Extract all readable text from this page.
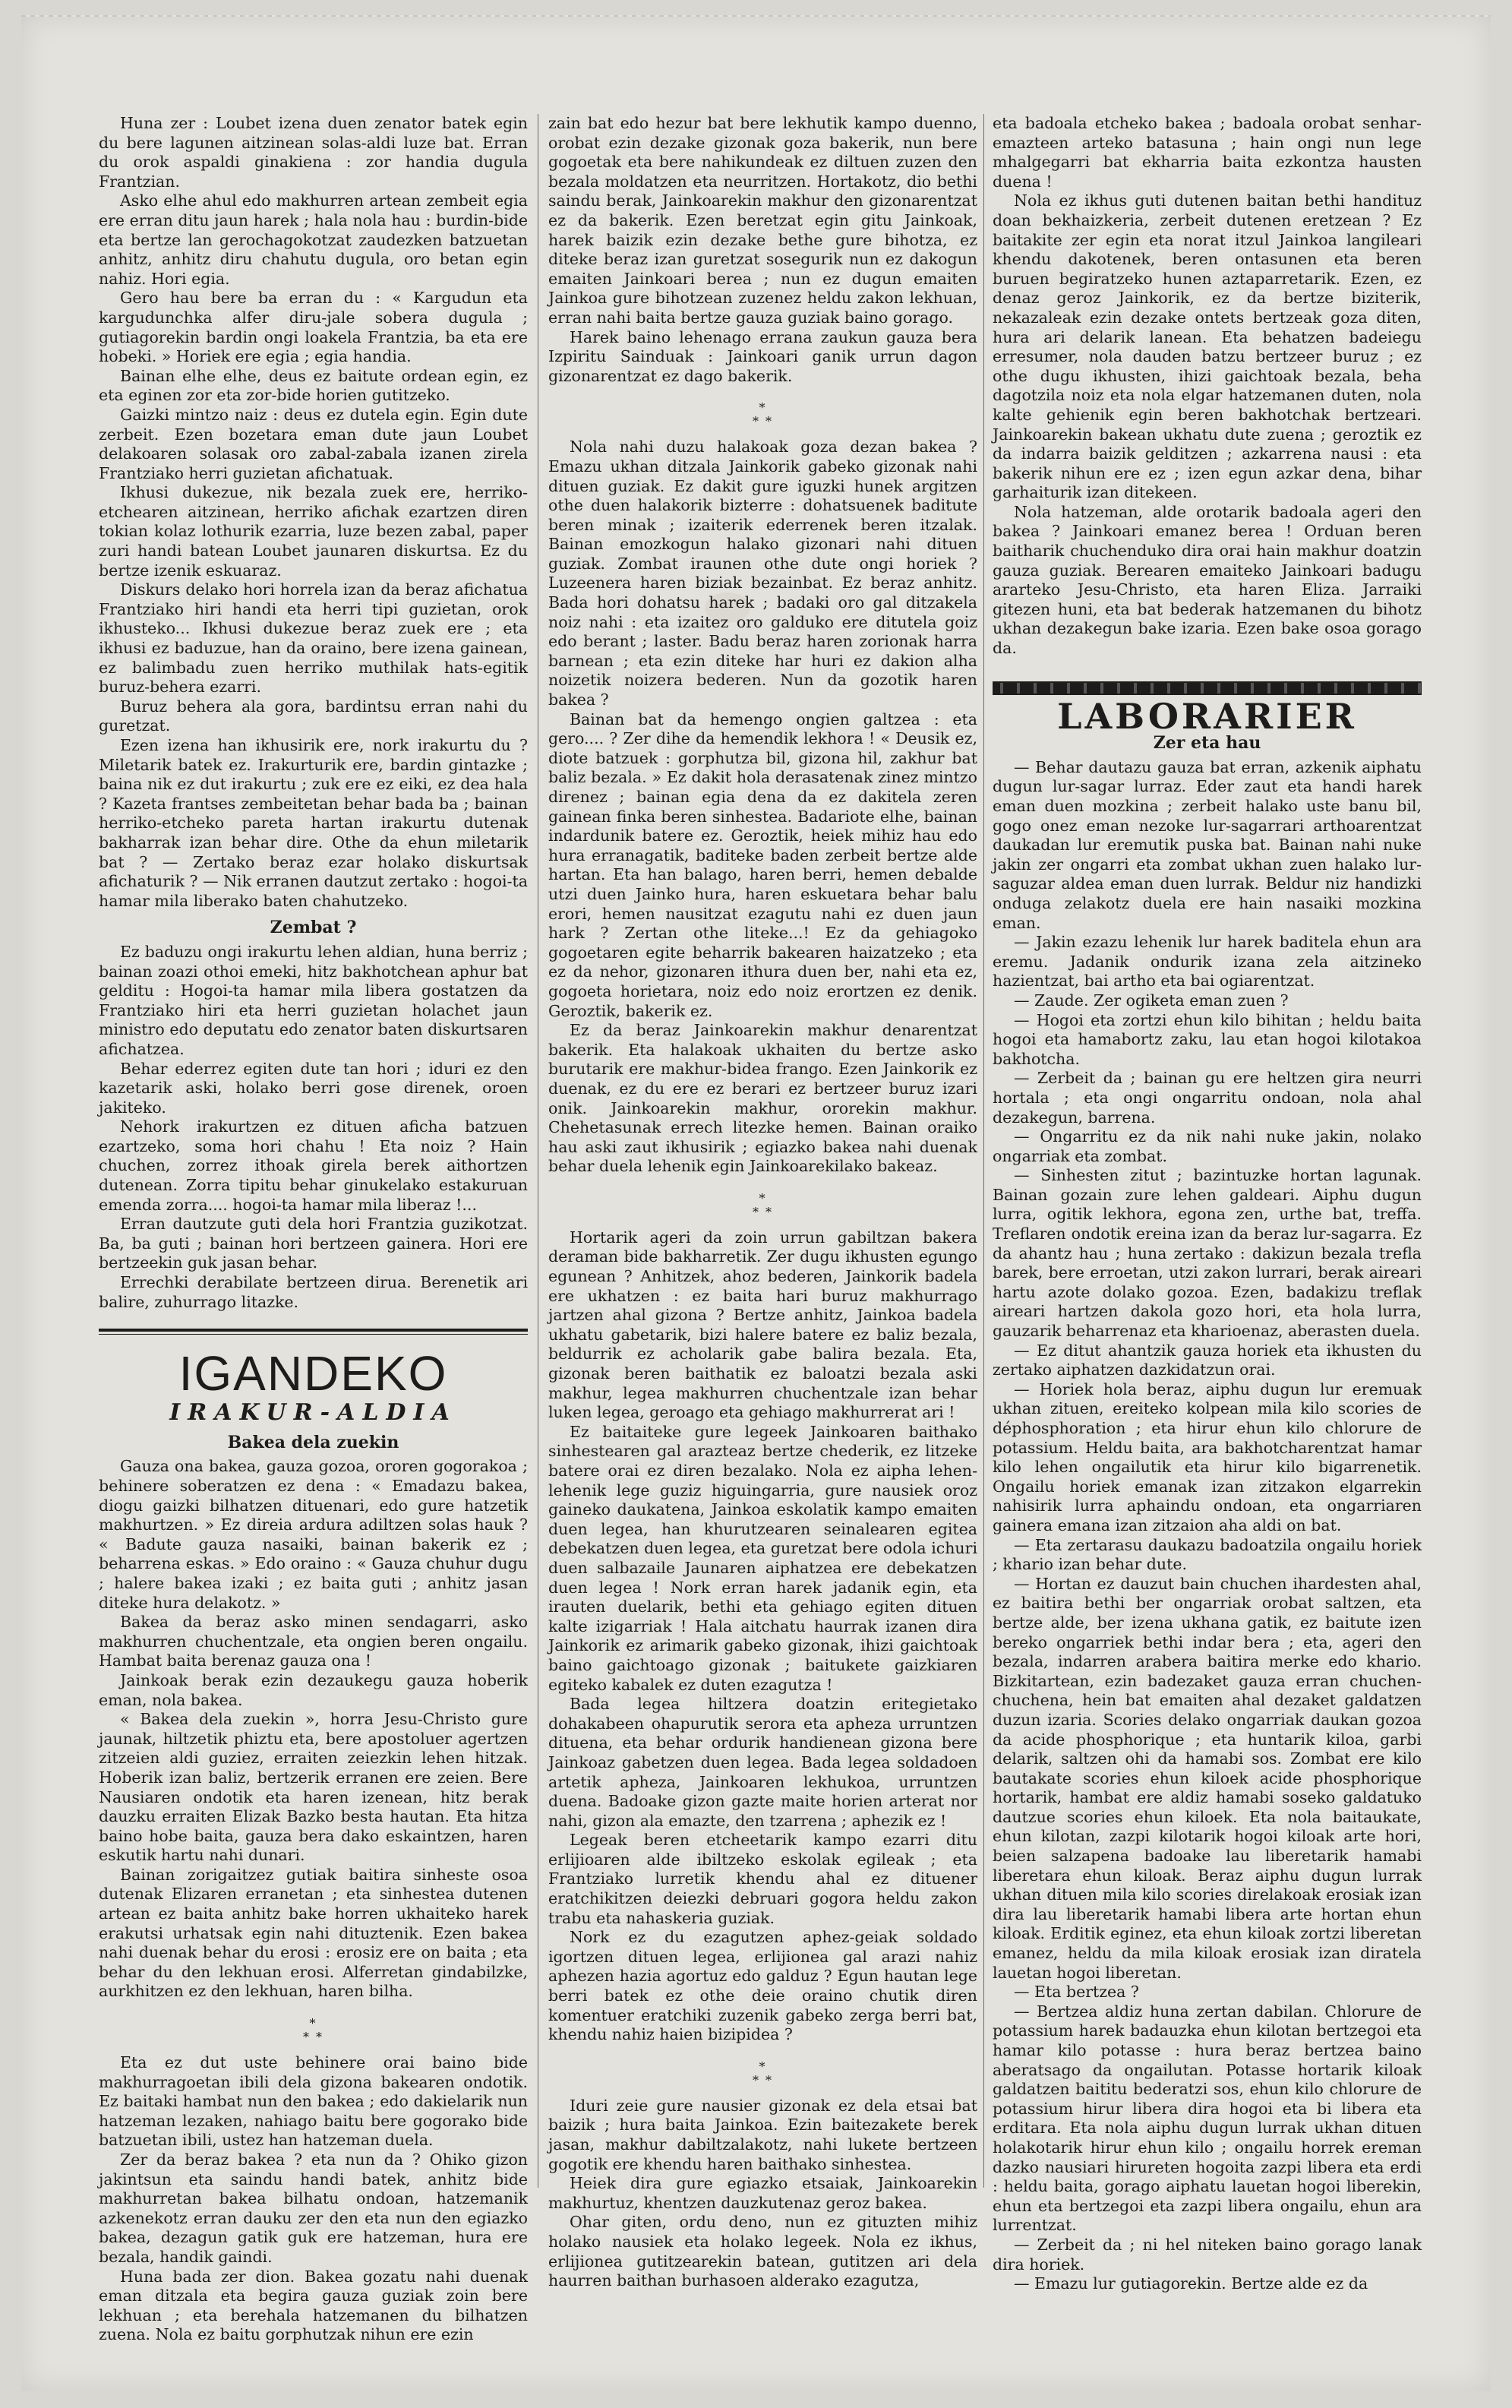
Huna zer : Loubet izena duen zenator batek egin du bere lagunen aitzinean solas-aldi luze bat. Erran du orok aspaldi ginakiena : zor handia dugula Frantzian.

Asko elhe ahul edo makhurren artean zembeit egia ere erran ditu jaun harek ; hala nola hau : burdin-bide eta bertze lan gerochagokotzat zaudezken batzuetan anhitz, anhitz diru chahutu dugula, oro betan egin nahiz. Hori egia.

Gero hau bere ba erran du : « Kargudun eta kargudunchka alfer diru-jale sobera dugula ; gutiagorekin bardin ongi loakela Frantzia, ba eta ere hobeki. » Horiek ere egia ; egia handia.

Bainan elhe elhe, deus ez baitute ordean egin, ez eta eginen zor eta zor-bide horien gutitzeko.

Gaizki mintzo naiz : deus ez dutela egin. Egin dute zerbeit. Ezen bozetara eman dute jaun Loubet delakoaren solasak oro zabal-zabala izanen zirela Frantziako herri guzietan afichatuak.

Ikhusi dukezue, nik bezala zuek ere, herriko-etchearen aitzinean, herriko afichak ezartzen diren tokian kolaz lothurik ezarria, luze bezen zabal, paper zuri handi batean Loubet jaunaren diskurtsa. Ez du bertze izenik eskuaraz.

Diskurs delako hori horrela izan da beraz afichatua Frantziako hiri handi eta herri tipi guzietan, orok ikhusteko... Ikhusi dukezue beraz zuek ere ; eta ikhusi ez baduzue, han da oraino, bere izena gainean, ez balimbadu zuen herriko muthilak hats-egitik buruz-behera ezarri.

Buruz behera ala gora, bardintsu erran nahi du guretzat.

Ezen izena han ikhusirik ere, nork irakurtu du ? Miletarik batek ez. Irakurturik ere, bardin gintazke ; baina nik ez dut irakurtu ; zuk ere ez eiki, ez dea hala ? Kazeta frantses zembeitetan behar bada ba ; bainan herriko-etcheko pareta hartan irakurtu dutenak bakharrak izan behar dire. Othe da ehun miletarik bat ? — Zertako beraz ezar holako diskurtsak afichaturik ? — Nik erranen dautzut zertako : hogoi-ta hamar mila liberako baten chahutzeko.

Zembat ?

Ez baduzu ongi irakurtu lehen aldian, huna berriz ; bainan zoazi othoi emeki, hitz bakhotchean aphur bat gelditu : Hogoi-ta hamar mila libera gostatzen da Frantziako hiri eta herri guzietan holachet jaun ministro edo deputatu edo zenator baten diskurtsaren afichatzea.

Behar ederrez egiten dute tan hori ; iduri ez den kazetarik aski, holako berri gose direnek, oroen jakiteko.

Nehork irakurtzen ez dituen aficha batzuen ezartzeko, soma hori chahu ! Eta noiz ? Hain chuchen, zorrez ithoak girela berek aithortzen dutenean. Zorra tipitu behar ginukelako estakuruan emenda zorra.... hogoi-ta hamar mila liberaz !...

Erran dautzute guti dela hori Frantzia guzikotzat. Ba, ba guti ; bainan hori bertzeen gainera. Hori ere bertzeekin guk jasan behar.

Errechki derabilate bertzeen dirua. Berenetik ari balire, zuhurrago litazke.

IGANDEKO
IRAKUR-ALDIA
Bakea dela zuekin

Gauza ona bakea, gauza gozoa, ororen gogorakoa ; behinere soberatzen ez dena : « Emadazu bakea, diogu gaizki bilhatzen dituenari, edo gure hatzetik makhurtzen. » Ez direia ardura adiltzen solas hauk ? « Badute gauza nasaiki, bainan bakerik ez ; beharrena eskas. » Edo oraino : « Gauza chuhur dugu ; halere bakea izaki ; ez baita guti ; anhitz jasan diteke hura delakotz. »

Bakea da beraz asko minen sendagarri, asko makhurren chuchentzale, eta ongien beren ongailu. Hambat baita berenaz gauza ona !

Jainkoak berak ezin dezaukegu gauza hoberik eman, nola bakea.

« Bakea dela zuekin », horra Jesu-Christo gure jaunak, hiltzetik phiztu eta, bere apostoluer agertzen zitzeien aldi guziez, erraiten zeiezkin lehen hitzak. Hoberik izan baliz, bertzerik erranen ere zeien. Bere Nausiaren ondotik eta haren izenean, hitz berak dauzku erraiten Elizak Bazko besta hautan. Eta hitza baino hobe baita, gauza bera dako eskaintzen, haren eskutik hartu nahi dunari.

Bainan zorigaitzez gutiak baitira sinheste osoa dutenak Elizaren erranetan ; eta sinhestea dutenen artean ez baita anhitz bake horren ukhaiteko harek erakutsi urhatsak egin nahi dituztenik. Ezen bakea nahi duenak behar du erosi : erosiz ere on baita ; eta behar du den lekhuan erosi. Alferretan gindabilzke, aurkhitzen ez den lekhuan, haren bilha.

*
* *

Eta ez dut uste behinere orai baino bide makhurragoetan ibili dela gizona bakearen ondotik. Ez baitaki hambat nun den bakea ; edo dakielarik nun hatzeman lezaken, nahiago baitu bere gogorako bide batzuetan ibili, ustez han hatzeman duela.

Zer da beraz bakea ? eta nun da ? Ohiko gizon jakintsun eta saindu handi batek, anhitz bide makhurretan bakea bilhatu ondoan, hatzemanik azkenekotz erran dauku zer den eta nun den egiazko bakea, dezagun gatik guk ere hatzeman, hura ere bezala, handik gaindi.

Huna bada zer dion. Bakea gozatu nahi duenak eman ditzala eta begira gauza guziak zoin bere lekhuan ; eta berehala hatzemanen du bilhatzen zuena. Nola ez baitu gorphutzak nihun ere ezin

zain bat edo hezur bat bere lekhutik kampo duenno, orobat ezin dezake gizonak goza bakerik, nun bere gogoetak eta bere nahikundeak ez diltuen zuzen den bezala moldatzen eta neurritzen. Hortakotz, dio bethi saindu berak, Jainkoarekin makhur den gizonarentzat ez da bakerik. Ezen beretzat egin gitu Jainkoak, harek baizik ezin dezake bethe gure bihotza, ez diteke beraz izan guretzat sosegurik nun ez dakogun emaiten Jainkoari berea ; nun ez dugun emaiten Jainkoa gure bihotzean zuzenez heldu zakon lekhuan, erran nahi baita bertze gauza guziak baino gorago.

Harek baino lehenago errana zaukun gauza bera Izpiritu Sainduak : Jainkoari ganik urrun dagon gizonarentzat ez dago bakerik.

*
* *

Nola nahi duzu halakoak goza dezan bakea ? Emazu ukhan ditzala Jainkorik gabeko gizonak nahi dituen guziak. Ez dakit gure iguzki hunek argitzen othe duen halakorik bizterre : dohatsuenek baditute beren minak ; izaiterik ederrenek beren itzalak. Bainan emozkogun halako gizonari nahi dituen guziak. Zombat iraunen othe dute ongi horiek ? Luzeenera haren biziak bezainbat. Ez beraz anhitz. Bada hori dohatsu harek ; badaki oro gal ditzakela noiz nahi : eta izaitez oro galduko ere ditutela goiz edo berant ; laster. Badu beraz haren zorionak harra barnean ; eta ezin diteke har huri ez dakion alha noizetik noizera bederen. Nun da gozotik haren bakea ?

Bainan bat da hemengo ongien galtzea : eta gero.... ? Zer dihe da hemendik lekhora ! « Deusik ez, diote batzuek : gorphutza bil, gizona hil, zakhur bat baliz bezala. » Ez dakit hola derasatenak zinez mintzo direnez ; bainan egia dena da ez dakitela zeren gainean finka beren sinhestea. Badariote elhe, bainan indardunik batere ez. Geroztik, heiek mihiz hau edo hura erranagatik, baditeke baden zerbeit bertze alde hartan. Eta han balago, haren berri, hemen debalde utzi duen Jainko hura, haren eskuetara behar balu erori, hemen nausitzat ezagutu nahi ez duen jaun hark ? Zertan othe liteke...! Ez da gehiagoko gogoetaren egite beharrik bakearen haizatzeko ; eta ez da nehor, gizonaren ithura duen ber, nahi eta ez, gogoeta horietara, noiz edo noiz erortzen ez denik. Geroztik, bakerik ez.

Ez da beraz Jainkoarekin makhur denarentzat bakerik. Eta halakoak ukhaiten du bertze asko burutarik ere makhur-bidea frango. Ezen Jainkorik ez duenak, ez du ere ez berari ez bertzeer buruz izari onik. Jainkoarekin makhur, ororekin makhur. Chehetasunak errech litezke hemen. Bainan oraiko hau aski zaut ikhusirik ; egiazko bakea nahi duenak behar duela lehenik egin Jainkoarekilako bakeaz.

*
* *

Hortarik ageri da zoin urrun gabiltzan bakera deraman bide bakharretik. Zer dugu ikhusten egungo egunean ? Anhitzek, ahoz bederen, Jainkorik badela ere ukhatzen : ez baita hari buruz makhurrago jartzen ahal gizona ? Bertze anhitz, Jainkoa badela ukhatu gabetarik, bizi halere batere ez baliz bezala, beldurrik ez acholarik gabe balira bezala. Eta, gizonak beren baithatik ez baloatzi bezala aski makhur, legea makhurren chuchentzale izan behar luken legea, geroago eta gehiago makhurrerat ari !

Ez baitaiteke gure legeek Jainkoaren baithako sinhestearen gal arazteaz bertze chederik, ez litzeke batere orai ez diren bezalako. Nola ez aipha lehen-lehenik lege guziz higuingarria, gure nausiek oroz gaineko daukatena, Jainkoa eskolatik kampo emaiten duen legea, han khurutzearen seinalearen egitea debekatzen duen legea, eta guretzat bere odola ichuri duen salbazaile Jaunaren aiphatzea ere debekatzen duen legea ! Nork erran harek jadanik egin, eta irauten duelarik, bethi eta gehiago egiten dituen kalte izigarriak ! Hala aitchatu haurrak izanen dira Jainkorik ez arimarik gabeko gizonak, ihizi gaichtoak baino gaichtoago gizonak ; baitukete gaizkiaren egiteko kabalek ez duten ezagutza !

Bada legea hiltzera doatzin eritegietako dohakabeen ohapurutik serora eta apheza urruntzen dituena, eta behar ordurik handienean gizona bere Jainkoaz gabetzen duen legea. Bada legea soldadoen artetik apheza, Jainkoaren lekhukoa, urruntzen duena. Badoake gizon gazte maite horien arterat nor nahi, gizon ala emazte, den tzarrena ; aphezik ez !

Legeak beren etcheetarik kampo ezarri ditu erlijioaren alde ibiltzeko eskolak egileak ; eta Frantziako lurretik khendu ahal ez dituener eratchikitzen deiezki debruari gogora heldu zakon trabu eta nahaskeria guziak.

Nork ez du ezagutzen aphez-geiak soldado igortzen dituen legea, erlijionea gal arazi nahiz aphezen hazia agortuz edo galduz ? Egun hautan lege berri batek ez othe deie oraino chutik diren komentuer eratchiki zuzenik gabeko zerga berri bat, khendu nahiz haien bizipidea ?

*
* *

Iduri zeie gure nausier gizonak ez dela etsai bat baizik ; hura baita Jainkoa. Ezin baitezakete berek jasan, makhur dabiltzalakotz, nahi lukete bertzeen gogotik ere khendu haren baithako sinhestea.

Heiek dira gure egiazko etsaiak, Jainkoarekin makhurtuz, khentzen dauzkutenaz geroz bakea.

Ohar giten, ordu deno, nun ez gituzten mihiz holako nausiek eta holako legeek. Nola ez ikhus, erlijionea gutitzearekin batean, gutitzen ari dela haurren baithan burhasoen alderako ezagutza,

eta badoala etcheko bakea ; badoala orobat senhar-emazteen arteko batasuna ; hain ongi nun lege mhalgegarri bat ekharria baita ezkontza hausten duena !

Nola ez ikhus guti dutenen baitan bethi handituz doan bekhaizkeria, zerbeit dutenen eretzean ? Ez baitakite zer egin eta norat itzul Jainkoa langileari khendu dakotenek, beren ontasunen eta beren buruen begiratzeko hunen aztaparretarik. Ezen, ez denaz geroz Jainkorik, ez da bertze biziterik, nekazaleak ezin dezake ontets bertzeak goza diten, hura ari delarik lanean. Eta behatzen badeiegu erresumer, nola dauden batzu bertzeer buruz ; ez othe dugu ikhusten, ihizi gaichtoak bezala, beha dagotzila noiz eta nola elgar hatzemanen duten, nola kalte gehienik egin beren bakhotchak bertzeari. Jainkoarekin bakean ukhatu dute zuena ; geroztik ez da indarra baizik gelditzen ; azkarrena nausi : eta bakerik nihun ere ez ; izen egun azkar dena, bihar garhaiturik izan ditekeen.

Nola hatzeman, alde orotarik badoala ageri den bakea ? Jainkoari emanez berea ! Orduan beren baitharik chuchenduko dira orai hain makhur doatzin gauza guziak. Berearen emaiteko Jainkoari badugu ararteko Jesu-Christo, eta haren Eliza. Jarraiki gitezen huni, eta bat bederak hatzemanen du bihotz ukhan dezakegun bake izaria. Ezen bake osoa gorago da.

LABORARIER
Zer eta hau

— Behar dautazu gauza bat erran, azkenik aiphatu dugun lur-sagar lurraz. Eder zaut eta handi harek eman duen mozkina ; zerbeit halako uste banu bil, gogo onez eman nezoke lur-sagarrari arthoarentzat daukadan lur eremutik puska bat. Bainan nahi nuke jakin zer ongarri eta zombat ukhan zuen halako lur-saguzar aldea eman duen lurrak. Beldur niz handizki onduga zelakotz duela ere hain nasaiki mozkina eman.

— Jakin ezazu lehenik lur harek baditela ehun ara eremu. Jadanik ondurik izana zela aitzineko hazientzat, bai artho eta bai ogiarentzat.

— Zaude. Zer ogiketa eman zuen ?

— Hogoi eta zortzi ehun kilo bihitan ; heldu baita hogoi eta hamabortz zaku, lau etan hogoi kilotakoa bakhotcha.

— Zerbeit da ; bainan gu ere heltzen gira neurri hortala ; eta ongi ongarritu ondoan, nola ahal dezakegun, barrena.

— Ongarritu ez da nik nahi nuke jakin, nolako ongarriak eta zombat.

— Sinhesten zitut ; bazintuzke hortan lagunak. Bainan gozain zure lehen galdeari. Aiphu dugun lurra, ogitik lekhora, egona zen, urthe bat, treffa. Treflaren ondotik ereina izan da beraz lur-sagarra. Ez da ahantz hau ; huna zertako : dakizun bezala trefla barek, bere erroetan, utzi zakon lurrari, berak aireari hartu azote dolako gozoa. Ezen, badakizu treflak aireari hartzen dakola gozo hori, eta hola lurra, gauzarik beharrenaz eta kharioenaz, aberasten duela.

— Ez ditut ahantzik gauza horiek eta ikhusten du zertako aiphatzen dazkidatzun orai.

— Horiek hola beraz, aiphu dugun lur eremuak ukhan zituen, ereiteko kolpean mila kilo scories de déphosphoration ; eta hirur ehun kilo chlorure de potassium. Heldu baita, ara bakhotcharentzat hamar kilo lehen ongailutik eta hirur kilo bigarrenetik. Ongailu horiek emanak izan zitzakon elgarrekin nahisirik lurra aphaindu ondoan, eta ongarriaren gainera emana izan zitzaion aha aldi on bat.

— Eta zertarasu daukazu badoatzila ongailu horiek ; khario izan behar dute.

— Hortan ez dauzut bain chuchen ihardesten ahal, ez baitira bethi ber ongarriak orobat saltzen, eta bertze alde, ber izena ukhana gatik, ez baitute izen bereko ongarriek bethi indar bera ; eta, ageri den bezala, indarren arabera baitira merke edo khario. Bizkitartean, ezin badezaket gauza erran chuchen-chuchena, hein bat emaiten ahal dezaket galdatzen duzun izaria. Scories delako ongarriak daukan gozoa da acide phosphorique ; eta huntarik kiloa, garbi delarik, saltzen ohi da hamabi sos. Zombat ere kilo bautakate scories ehun kiloek acide phosphorique hortarik, hambat ere aldiz hamabi soseko galdatuko dautzue scories ehun kiloek. Eta nola baitaukate, ehun kilotan, zazpi kilotarik hogoi kiloak arte hori, beien salzapena badoake lau liberetarik hamabi liberetara ehun kiloak. Beraz aiphu dugun lurrak ukhan dituen mila kilo scories direlakoak erosiak izan dira lau liberetarik hamabi libera arte hortan ehun kiloak. Erditik eginez, eta ehun kiloak zortzi liberetan emanez, heldu da mila kiloak erosiak izan diratela lauetan hogoi liberetan.

— Eta bertzea ?

— Bertzea aldiz huna zertan dabilan. Chlorure de potassium harek badauzka ehun kilotan bertzegoi eta hamar kilo potasse : hura beraz bertzea baino aberatsago da ongailutan. Potasse hortarik kiloak galdatzen baititu bederatzi sos, ehun kilo chlorure de potassium hirur libera dira hogoi eta bi libera eta erditara. Eta nola aiphu dugun lurrak ukhan dituen holakotarik hirur ehun kilo ; ongailu horrek ereman dazko nausiari hirureten hogoita zazpi libera eta erdi : heldu baita, gorago aiphatu lauetan hogoi liberekin, ehun eta bertzegoi eta zazpi libera ongailu, ehun ara lurrentzat.

— Zerbeit da ; ni hel niteken baino gorago lanak dira horiek.

— Emazu lur gutiagorekin. Bertze alde ez da
